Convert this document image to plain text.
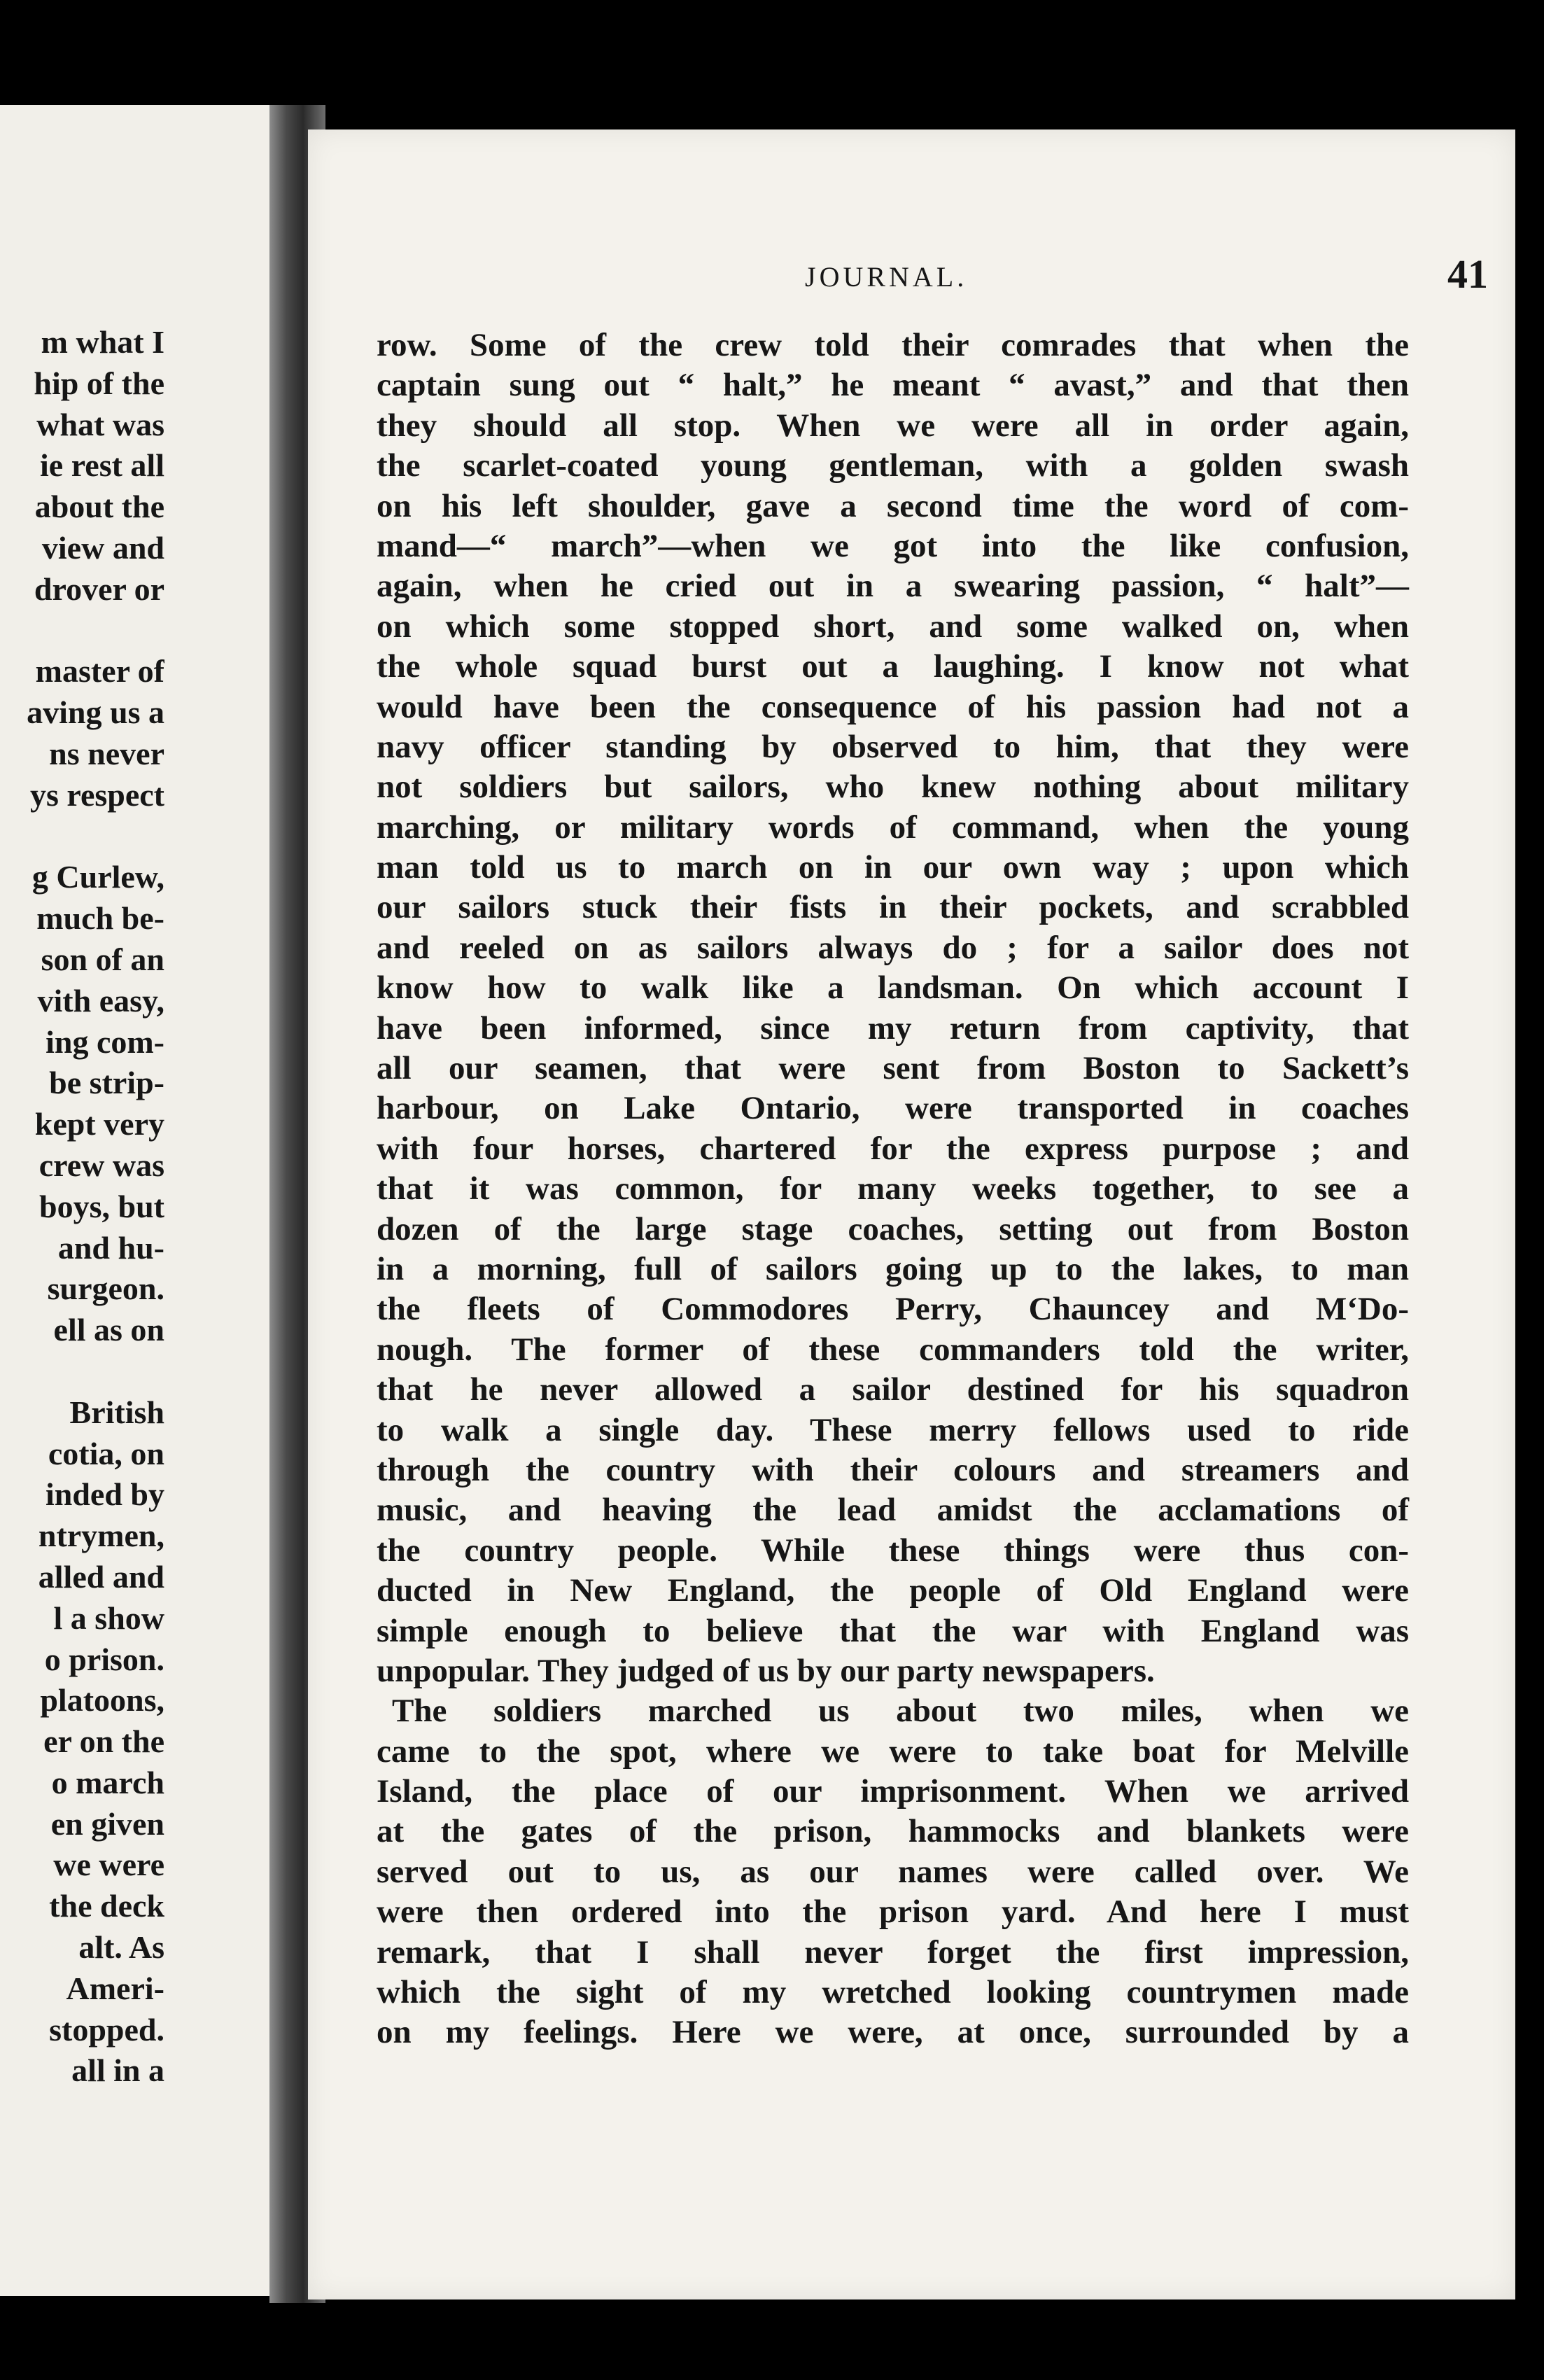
JOURNAL.	41
m what I
hip of the
what was
ie rest all
about the
view and
drover or
master of
aving us a
ns never
ys respect
g Curlew,
much be-
son of an
vith easy,
ing com-
be strip-
kept very
crew was
boys, but
and hu-
surgeon.
ell as on
British
cotia, on
inded by
ntrymen,
alled and
l a show
o prison.
platoons,
er on the
o march
en given
we were
the deck
alt. As
Ameri-
stopped.
all in a
row. Some of the crew told their comrades that when the
captain sung out “ halt,” he meant “ avast,” and that then
they should all stop. When we were all in order again,
the scarlet-coated young gentleman, with a golden swash
on his left shoulder, gave a second time the word of com-
mand—“ march”—when we got into the like confusion,
again, when he cried out in a swearing passion, “ halt”—
on which some stopped short, and some walked on, when
the whole squad burst out a laughing. I know not what
would have been the consequence of his passion had not a
navy officer standing by observed to him, that they were
not soldiers but sailors, who knew nothing about military
marching, or military words of command, when the young
man told us to march on in our own way ; upon which
our sailors stuck their fists in their pockets, and scrabbled
and reeled on as sailors always do ; for a sailor does not
know how to walk like a landsman. On which account I
have been informed, since my return from captivity, that
all our seamen, that were sent from Boston to Sackett’s
harbour, on Lake Ontario, were transported in coaches
with four horses, chartered for the express purpose ; and
that it was common, for many weeks together, to see a
dozen of the large stage coaches, setting out from Boston
in a morning, full of sailors going up to the lakes, to man
the fleets of Commodores Perry, Chauncey and M‘Do-
nough. The former of these commanders told the writer,
that he never allowed a sailor destined for his squadron
to walk a single day. These merry fellows used to ride
through the country with their colours and streamers and
music, and heaving the lead amidst the acclamations of
the country people. While these things were thus con-
ducted in New England, the people of Old England were
simple enough to believe that the war with England was
unpopular. They judged of us by our party newspapers.
The soldiers marched us about two miles, when we
came to the spot, where we were to take boat for Melville
Island, the place of our imprisonment. When we arrived
at the gates of the prison, hammocks and blankets were
served out to us, as our names were called over. We
were then ordered into the prison yard. And here I must
remark, that I shall never forget the first impression,
which the sight of my wretched looking countrymen made
on my feelings. Here we were, at once, surrounded by a
